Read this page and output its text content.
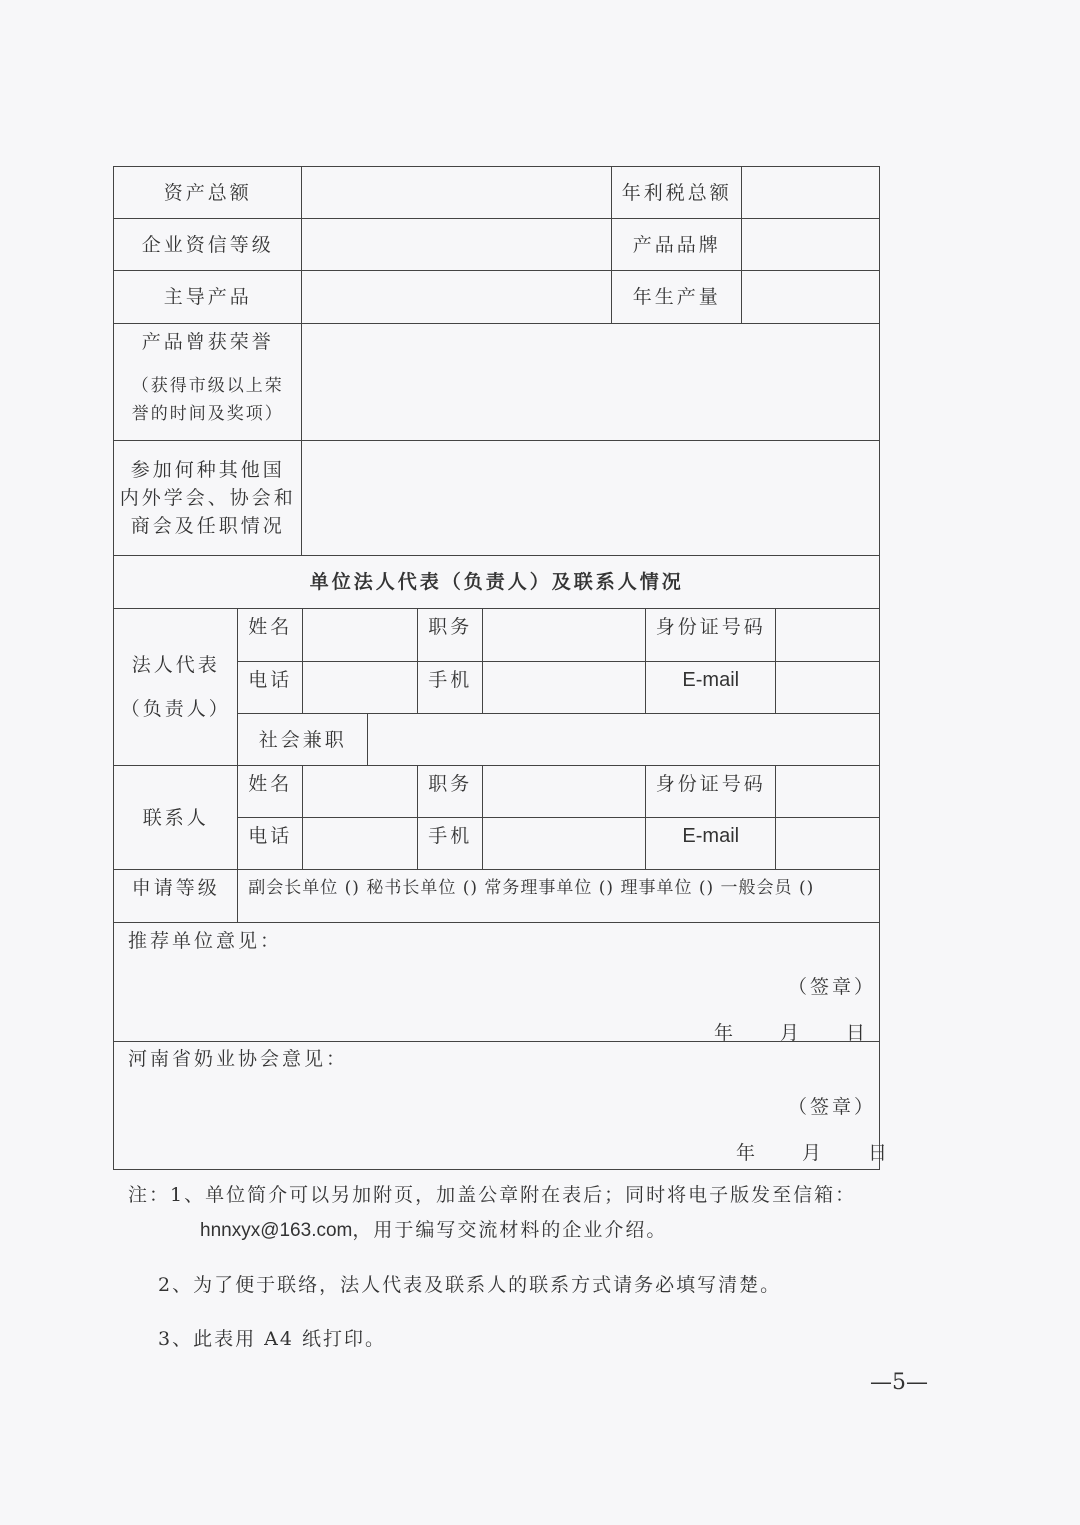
资产总额	年利税总额
企业资信等级	产品品牌
主导产品	年生产量
产品曾获荣誉
（获得市级以上荣
誉的时间及奖项）
参加何种其他国
内外学会、协会和
商会及任职情况
单位法人代表（负责人）及联系人情况
法人代表
（负责人）
姓名	职务	身份证号码
电话	手机	E-mail
社会兼职
联系人
姓名	职务	身份证号码
电话	手机	E-mail
申请等级	副会长单位 () 秘书长单位 () 常务理事单位 () 理事单位 () 一般会员 ()
推荐单位意见：
（签章）
年　　月　　日
河南省奶业协会意见：
（签章）
年　　月　　日
注：1、单位简介可以另加附页，加盖公章附在表后；同时将电子版发至信箱：
hnnxyx@163.com，用于编写交流材料的企业介绍。
2、为了便于联络，法人代表及联系人的联系方式请务必填写清楚。
3、此表用 A4 纸打印。
—5—
